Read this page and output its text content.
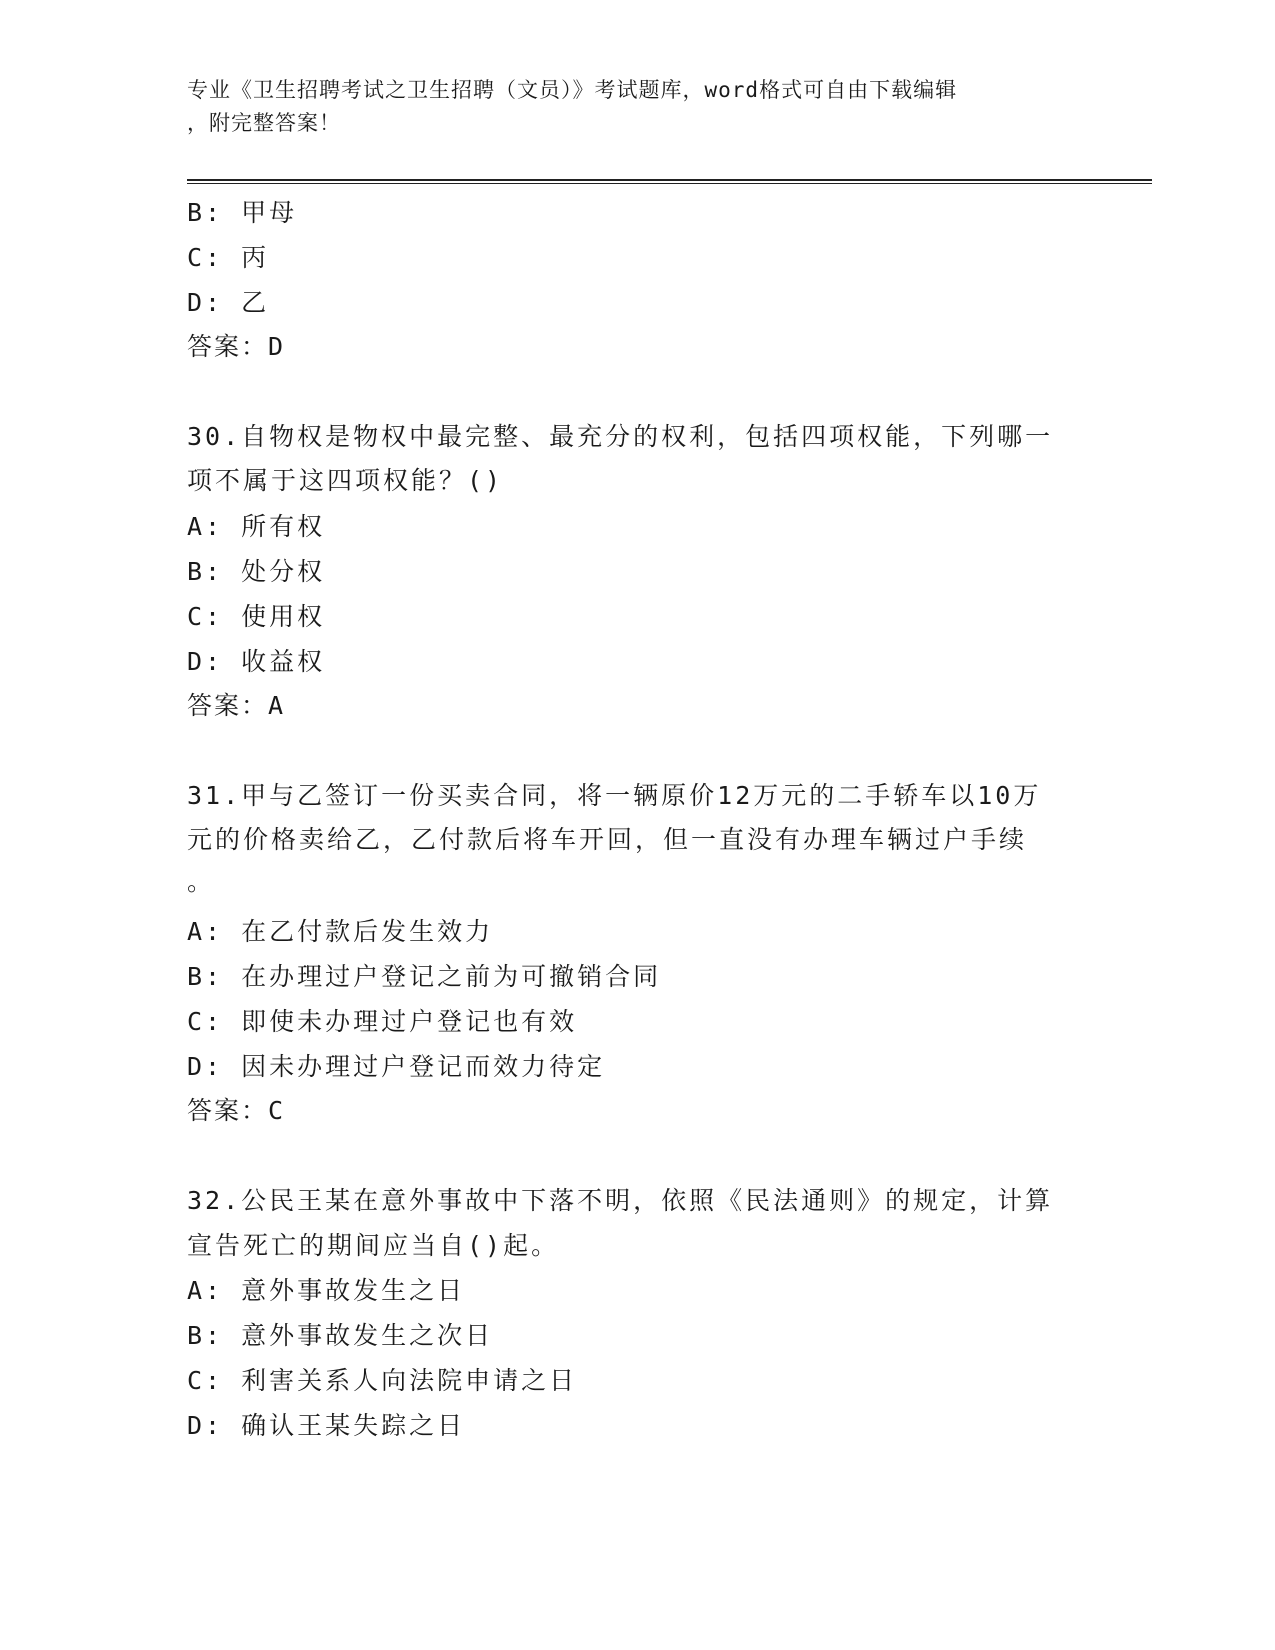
专业《卫生招聘考试之卫生招聘（文员）》考试题库，word格式可自由下载编辑
，附完整答案！
B: 甲母
C: 丙
D: 乙
答案：D
30.自物权是物权中最完整、最充分的权利，包括四项权能，下列哪一
项不属于这四项权能？()
A: 所有权
B: 处分权
C: 使用权
D: 收益权
答案：A
31.甲与乙签订一份买卖合同，将一辆原价12万元的二手轿车以10万
元的价格卖给乙，乙付款后将车开回，但一直没有办理车辆过户手续
。
A: 在乙付款后发生效力
B: 在办理过户登记之前为可撤销合同
C: 即使未办理过户登记也有效
D: 因未办理过户登记而效力待定
答案：C
32.公民王某在意外事故中下落不明，依照《民法通则》的规定，计算
宣告死亡的期间应当自()起。
A: 意外事故发生之日
B: 意外事故发生之次日
C: 利害关系人向法院申请之日
D: 确认王某失踪之日
